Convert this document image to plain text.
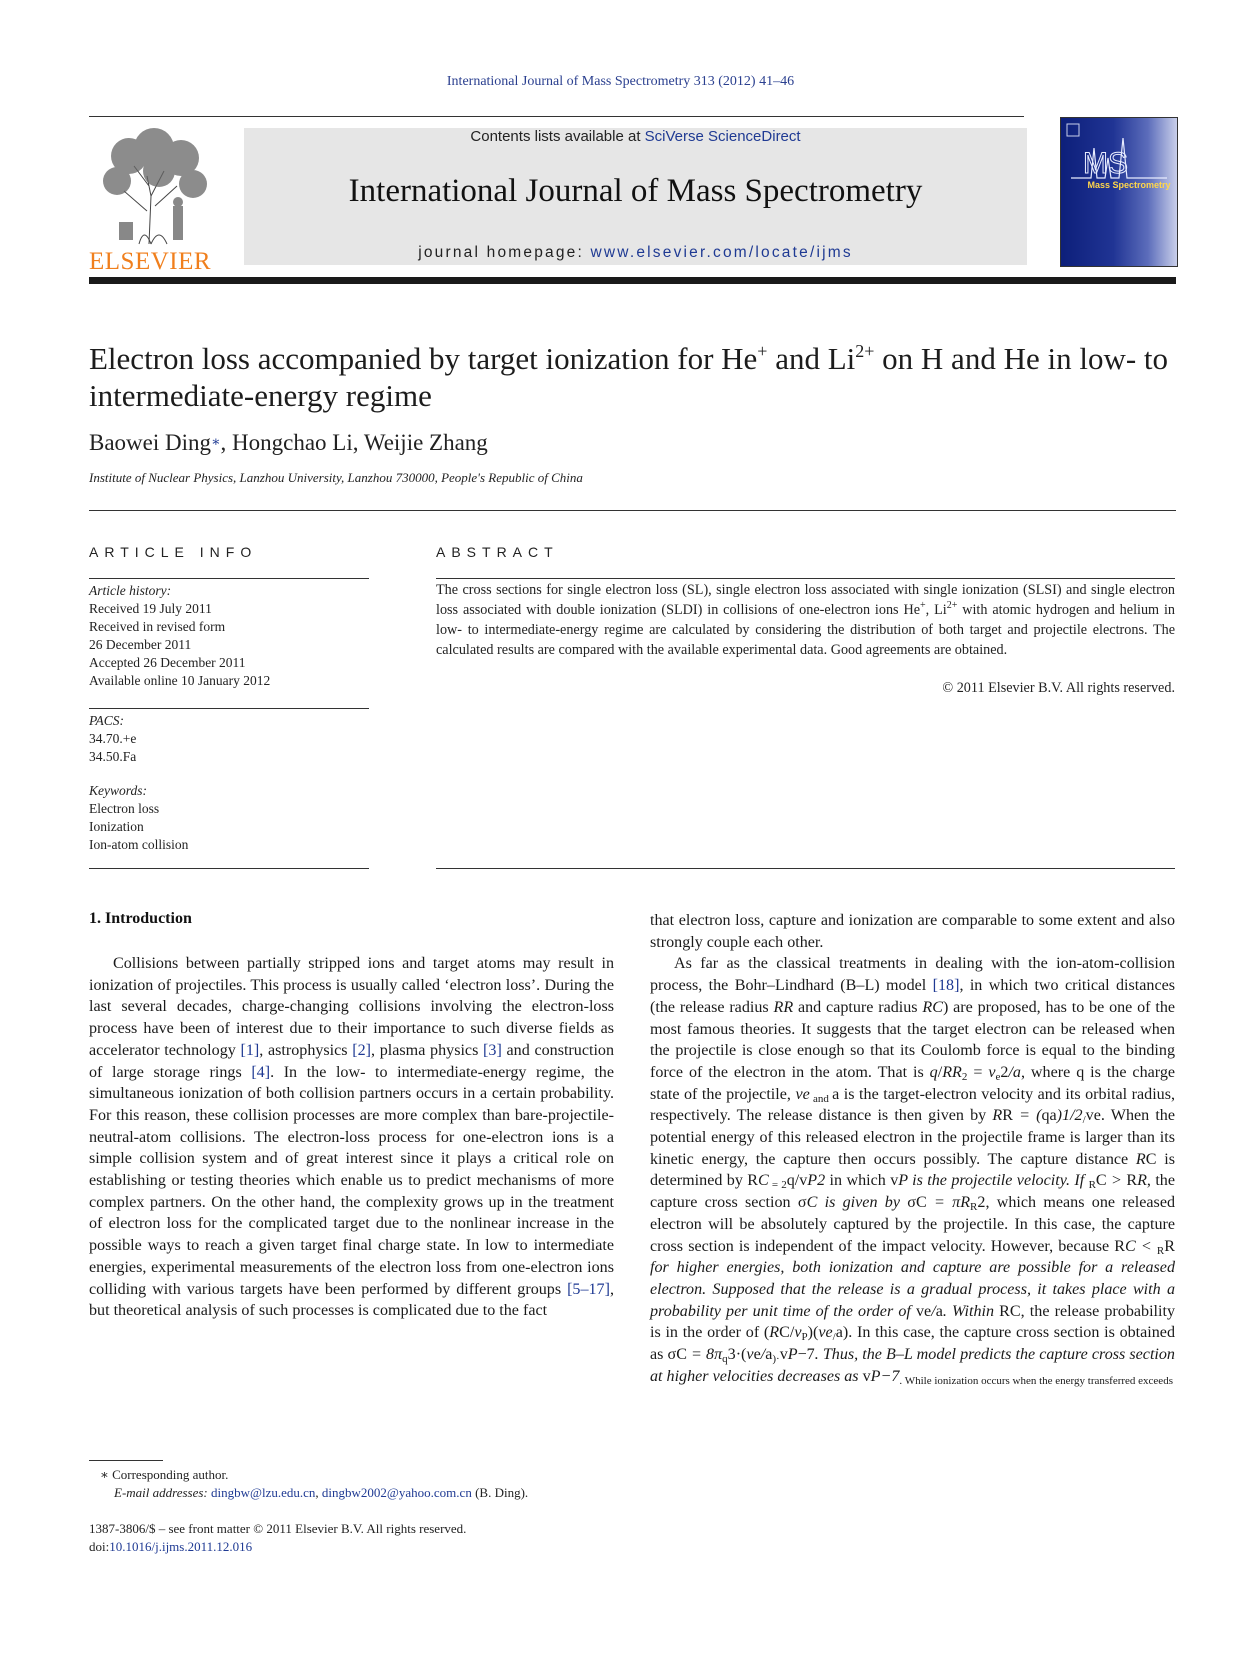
International Journal of Mass Spectrometry 313 (2012) 41–46
ELSEVIER
Contents lists available at SciVerse ScienceDirect
International Journal of Mass Spectrometry
journal homepage: www.elsevier.com/locate/ijms
MS
Mass Spectrometry
Electron loss accompanied by target ionization for He+ and $Li^{2+}$ on H and He in low- to intermediate-energy regime
Baowei Ding∗, Hongchao Li, Weijie Zhang
Institute of Nuclear Physics, Lanzhou University, Lanzhou 730000, People's Republic of China
ARTICLE INFO
Article history:
Received 19 July 2011
Received in revised form
26 December 2011
Accepted 26 December 2011
Available online 10 January 2012
PACS:
34.70.+e
34.50.Fa
Keywords:
Electron loss
Ionization
Ion-atom collision
ABSTRACT
The cross sections for single electron loss (SL), single electron loss associated with single ionization (SLSI) and single electron loss associated with double ionization (SLDI) in collisions of one-electron ions He+, $Li^{2+}$ with atomic hydrogen and helium in low- to intermediate-energy regime are calculated by considering the distribution of both target and projectile electrons. The calculated results are compared with the available experimental data. Good agreements are obtained.
© 2011 Elsevier B.V. All rights reserved.
1. Introduction

Collisions between partially stripped ions and target atoms may result in ionization of projectiles. This process is usually called ‘electron loss’. During the last several decades, charge-changing collisions involving the electron-loss process have been of interest due to their importance to such diverse fields as accelerator technology [1], astrophysics [2], plasma physics [3] and construction of large storage rings [4]. In the low- to intermediate-energy regime, the simultaneous ionization of both collision partners occurs in a certain probability. For this reason, these collision processes are more complex than bare-projectile-neutral-atom collisions. The electron-loss process for one-electron ions is a simple collision system and of great interest since it plays a critical role on establishing or testing theories which enable us to predict mechanisms of more complex partners. On the other hand, the complexity grows up in the treatment of electron loss for the complicated target due to the nonlinear increase in the possible ways to reach a given target final charge state. In low to intermediate energies, experimental measurements of the electron loss from one-electron ions colliding with various targets have been performed by different groups [5–17], but theoretical analysis of such processes is complicated due to the fact

that electron loss, capture and ionization are comparable to some extent and also strongly couple each other.

As far as the classical treatments in dealing with the ion-atom-collision process, the Bohr–Lindhard (B–L) model [18], in which two critical distances (the release radius RR and capture radius RC) are proposed, has to be one of the most famous theories. It suggests that the target electron can be released when the projectile is close enough so that its Coulomb force is equal to the binding force of the electron in the atom. That is $q/RR_2 = v_e2/a$, where q is the charge state of the projectile, ve $_{and}$ a is the target-electron velocity and its orbital radius, respectively. The release distance is then given by RR = $(qa)1/2_/ve$. When the potential energy of this released electron in the projectile frame is larger than its kinetic energy, the capture then occurs possibly. The capture distance RC is determined by RC $_{= 2}$q/vP2 in which vP is the projectile velocity. If $_R$C > RR, the capture cross section σC is given by $\sigma C = \pi R_R2$, which means one released electron will be absolutely captured by the projectile. In this case, the capture cross section is independent of the impact velocity. However, because RC < $_R$R for higher energies, both ionization and capture are possible for a released electron. Supposed that the release is a gradual process, it takes place with a probability per unit time of the order of ve/a. Within RC, the release probability is in the order of $(RC/v_P)(ve_/a)$. In this case, the capture cross section is obtained as $\sigma C = 8\pi_q3\cdot(ve/a_{)\cdot}vP-7$. Thus, the B–L model predicts the capture cross section at higher velocities decreases as $vP-7_{. While ionization occurs when the energy transferred exceeds}$

∗ Corresponding author.
E-mail addresses: dingbw@lzu.edu.cn, dingbw2002@yahoo.com.cn (B. Ding).
1387-3806/$ – see front matter © 2011 Elsevier B.V. All rights reserved.
doi:10.1016/j.ijms.2011.12.016
